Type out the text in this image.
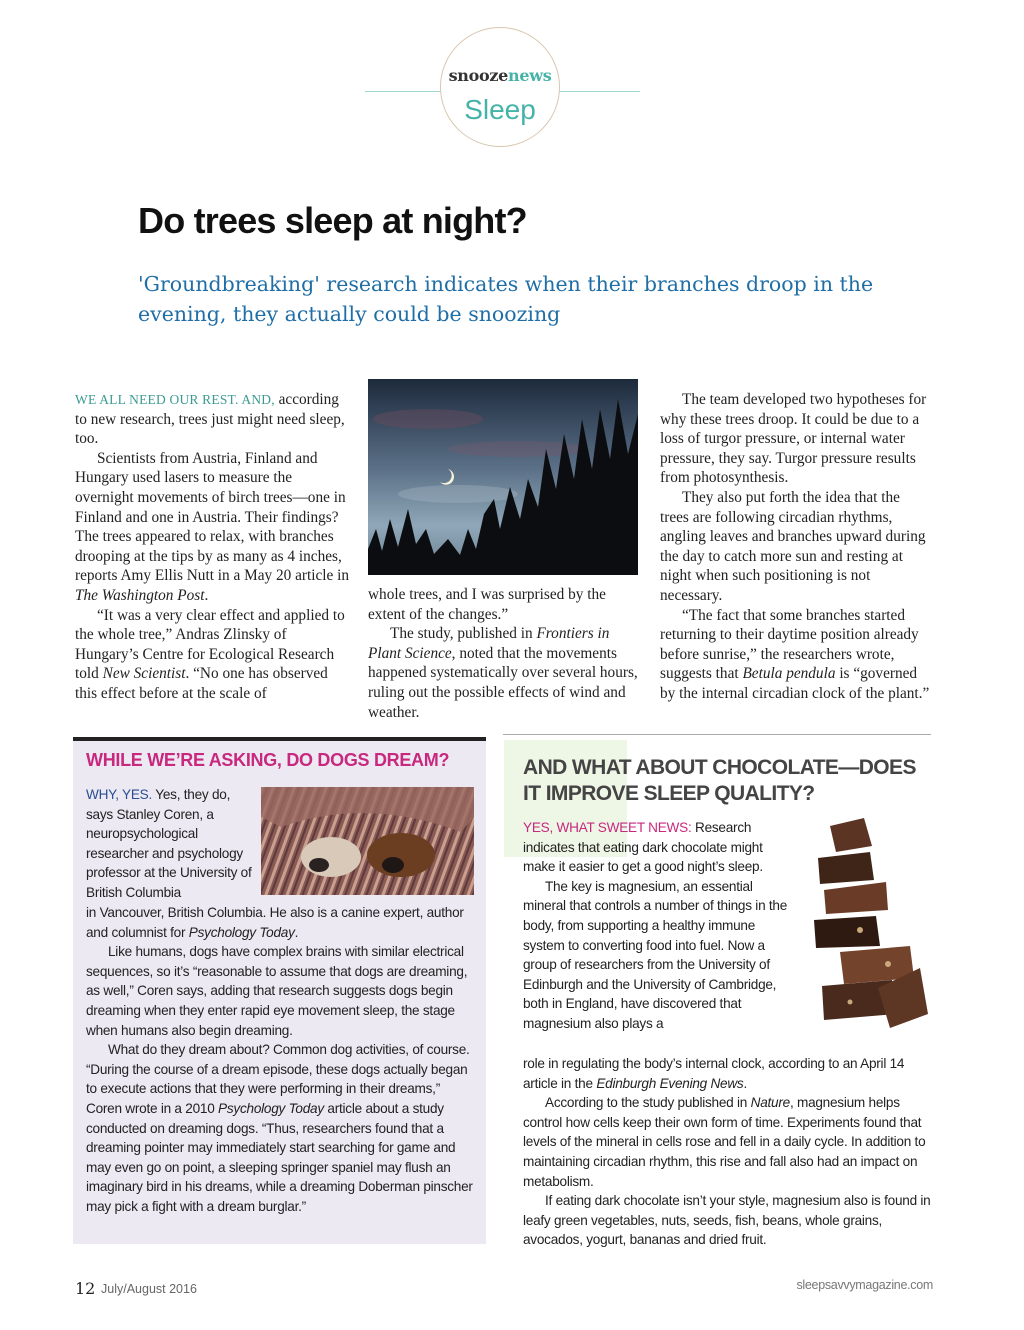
snoozenews
Sleep
Do trees sleep at night?
'Groundbreaking' research indicates when their branches droop in the evening, they actually could be snoozing

WE ALL NEED OUR REST. AND, according to new research, trees just might need sleep, too.

Scientists from Austria, Finland and Hungary used lasers to measure the overnight movements of birch trees—one in Finland and one in Austria. Their findings? The trees appeared to relax, with branches drooping at the tips by as many as 4 inches, reports Amy Ellis Nutt in a May 20 article in The Washington Post.

“It was a very clear effect and applied to the whole tree,” Andras Zlinsky of Hungary’s Centre for Ecological Research told New Scientist. “No one has observed this effect before at the scale of

whole trees, and I was surprised by the extent of the changes.”

The study, published in Frontiers in Plant Science, noted that the movements happened systematically over several hours, ruling out the possible effects of wind and weather.

The team developed two hypotheses for why these trees droop. It could be due to a loss of turgor pressure, or internal water pressure, they say. Turgor pressure results from photosynthesis.

They also put forth the idea that the trees are following circadian rhythms, angling leaves and branches upward during the day to catch more sun and resting at night when such positioning is not necessary.

“The fact that some branches started returning to their daytime position already before sunrise,” the researchers wrote, suggests that Betula pendula is “governed by the internal circadian clock of the plant.”

WHILE WE’RE ASKING, DO DOGS DREAM?

WHY, YES. Yes, they do, says Stanley Coren, a neuropsychological researcher and psychology professor at the University of British Columbia

in Vancouver, British Columbia. He also is a canine expert, author and columnist for Psychology Today.

Like humans, dogs have complex brains with similar electrical sequences, so it’s “reasonable to assume that dogs are dreaming, as well,” Coren says, adding that research suggests dogs begin dreaming when they enter rapid eye movement sleep, the stage when humans also begin dreaming.

What do they dream about? Common dog activities, of course. “During the course of a dream episode, these dogs actually began to execute actions that they were performing in their dreams,” Coren wrote in a 2010 Psychology Today article about a study conducted on dreaming dogs. “Thus, researchers found that a dreaming pointer may immediately start searching for game and may even go on point, a sleeping springer spaniel may flush an imaginary bird in his dreams, while a dreaming Doberman pinscher may pick a fight with a dream burglar.”

AND WHAT ABOUT CHOCOLATE—DOES IT IMPROVE SLEEP QUALITY?

YES, WHAT SWEET NEWS: Research indicates that eating dark chocolate might make it easier to get a good night’s sleep.

The key is magnesium, an essential mineral that controls a number of things in the body, from supporting a healthy immune system to converting food into fuel. Now a group of researchers from the University of Edinburgh and the University of Cambridge, both in England, have discovered that magnesium also plays a

role in regulating the body’s internal clock, according to an April 14 article in the Edinburgh Evening News.

According to the study published in Nature, magnesium helps control how cells keep their own form of time. Experiments found that levels of the mineral in cells rose and fell in a daily cycle. In addition to maintaining circadian rhythm, this rise and fall also had an impact on metabolism.

If eating dark chocolate isn’t your style, magnesium also is found in leafy green vegetables, nuts, seeds, fish, beans, whole grains, avocados, yogurt, bananas and dried fruit.

12 July/August 2016	sleepsavvymagazine.com
